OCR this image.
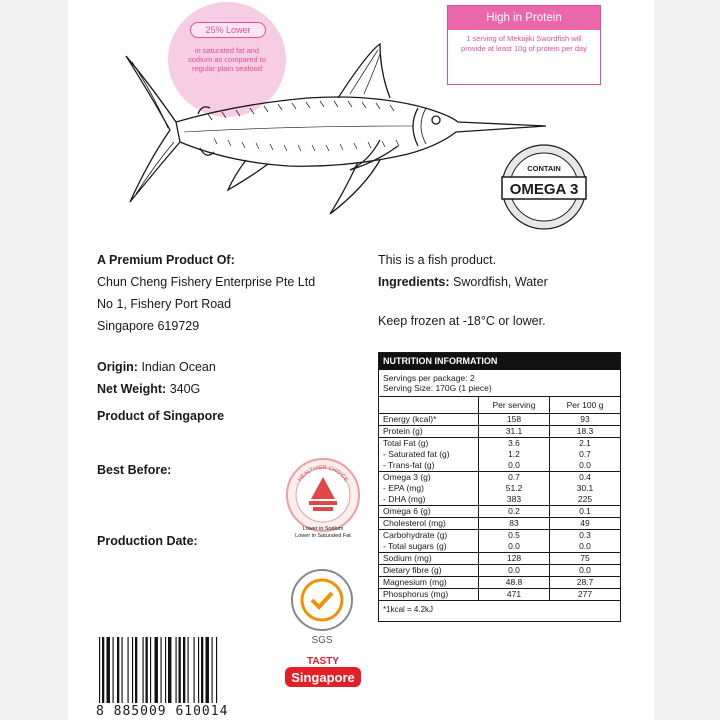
25% Lower
in saturated fat and sodium as compared to regular plain seafood
High in Protein
1 serving of Mekajiki Swordfish will provide at least 10g of protein per day
CONTAIN
OMEGA 3
A Premium Product Of:
Chun Cheng Fishery Enterprise Pte Ltd
No 1, Fishery Port Road
Singapore 619729
Origin: Indian Ocean
Net Weight: 340G
Product of Singapore
Best Before:
Production Date:
This is a fish product.
Ingredients: Swordfish, Water
Keep frozen at -18°C or lower.
NUTRITION INFORMATION
Servings per package: 2
Serving Size: 170G (1 piece)
	Per serving	Per 100 g
Energy (kcal)*	158	93
Protein (g)	31.1	18.3
Total Fat (g)	3.6	2.1
- Saturated fat (g)	1.2	0.7
- Trans-fat (g)	0.0	0.0
Omega 3 (g)	0.7	0.4
- EPA (mg)	51.2	30.1
- DHA (mg)	383	225
Omega 6 (g)	0.2	0.1
Cholesterol (mg)	83	49
Carbohydrate (g)	0.5	0.3
- Total sugars (g)	0.0	0.0
Sodium (mg)	128	75
Dietary fibre (g)	0.0	0.0
Magnesium (mg)	48.8	28.7
Phosphorus (mg)	471	277
*1kcal = 4.2kJ
HEALTHIER CHOICE
Lower in Sodium
Lower in Saturated Fat
SGS
TASTY
Singapore
8 885009 610014
